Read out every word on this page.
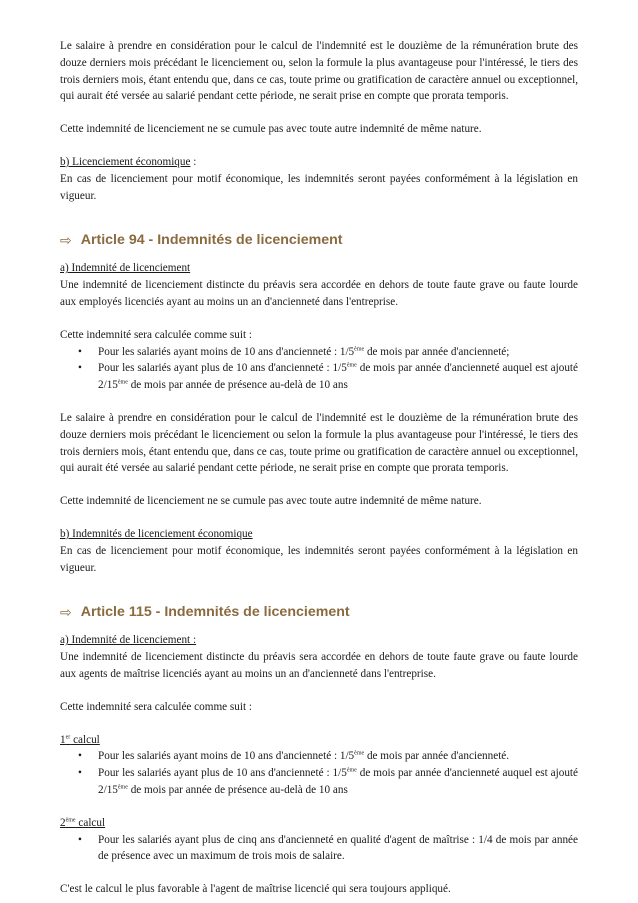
Le salaire à prendre en considération pour le calcul de l'indemnité est le douzième de la rémunération brute des douze derniers mois précédant le licenciement ou, selon la formule la plus avantageuse pour l'intéressé, le tiers des trois derniers mois, étant entendu que, dans ce cas, toute prime ou gratification de caractère annuel ou exceptionnel, qui aurait été versée au salarié pendant cette période, ne serait prise en compte que prorata temporis.

Cette indemnité de licenciement ne se cumule pas avec toute autre indemnité de même nature.

b) Licenciement économique :

En cas de licenciement pour motif économique, les indemnités seront payées conformément à la législation en vigueur.

⇨ Article 94 - Indemnités de licenciement

a) Indemnité de licenciement

Une indemnité de licenciement distincte du préavis sera accordée en dehors de toute faute grave ou faute lourde aux employés licenciés ayant au moins un an d'ancienneté dans l'entreprise.

Cette indemnité sera calculée comme suit :

• Pour les salariés ayant moins de 10 ans d'ancienneté : 1/5ème de mois par année d'ancienneté;
• Pour les salariés ayant plus de 10 ans d'ancienneté : 1/5ème de mois par année d'ancienneté auquel est ajouté 2/15ème de mois par année de présence au-delà de 10 ans

Le salaire à prendre en considération pour le calcul de l'indemnité est le douzième de la rémunération brute des douze derniers mois précédant le licenciement ou selon la formule la plus avantageuse pour l'intéressé, le tiers des trois derniers mois, étant entendu que, dans ce cas, toute prime ou gratification de caractère annuel ou exceptionnel, qui aurait été versée au salarié pendant cette période, ne serait prise en compte que prorata temporis.

Cette indemnité de licenciement ne se cumule pas avec toute autre indemnité de même nature.

b) Indemnités de licenciement économique

En cas de licenciement pour motif économique, les indemnités seront payées conformément à la législation en vigueur.

⇨ Article 115 - Indemnités de licenciement

a) Indemnité de licenciement :

Une indemnité de licenciement distincte du préavis sera accordée en dehors de toute faute grave ou faute lourde aux agents de maîtrise licenciés ayant au moins un an d'ancienneté dans l'entreprise.

Cette indemnité sera calculée comme suit :

1er calcul

• Pour les salariés ayant moins de 10 ans d'ancienneté : 1/5ème de mois par année d'ancienneté.
• Pour les salariés ayant plus de 10 ans d'ancienneté : 1/5ème de mois par année d'ancienneté auquel est ajouté 2/15ème de mois par année de présence au-delà de 10 ans

2ème calcul

• Pour les salariés ayant plus de cinq ans d'ancienneté en qualité d'agent de maîtrise : 1/4 de mois par année de présence avec un maximum de trois mois de salaire.

C'est le calcul le plus favorable à l'agent de maîtrise licencié qui sera toujours appliqué.
